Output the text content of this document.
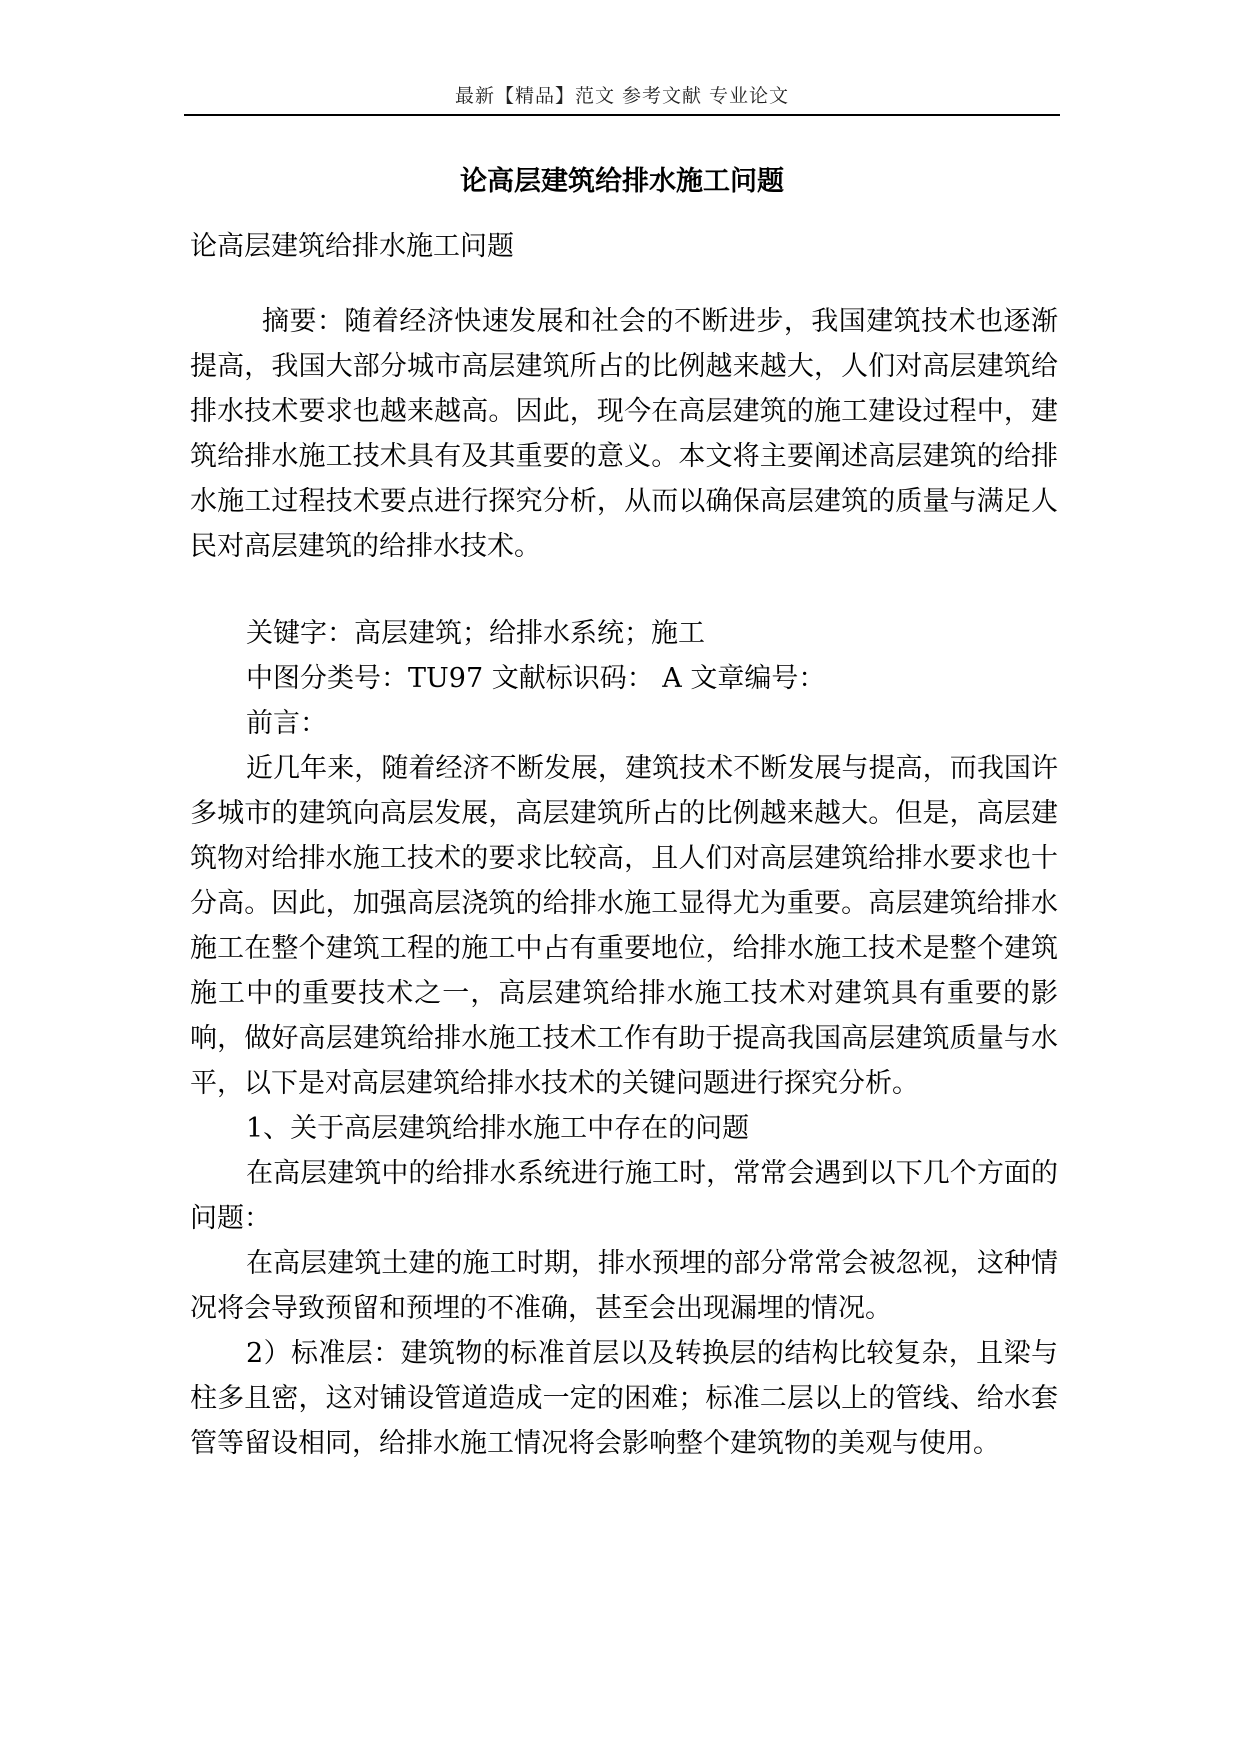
最新【精品】范文 参考文献 专业论文
论高层建筑给排水施工问题

论高层建筑给排水施工问题

摘要：随着经济快速发展和社会的不断进步，我国建筑技术也逐渐提高，我国大部分城市高层建筑所占的比例越来越大，人们对高层建筑给排水技术要求也越来越高。因此，现今在高层建筑的施工建设过程中，建筑给排水施工技术具有及其重要的意义。本文将主要阐述高层建筑的给排水施工过程技术要点进行探究分析，从而以确保高层建筑的质量与满足人民对高层建筑的给排水技术。

关键字：高层建筑；给排水系统；施工

中图分类号：TU97 文献标识码： A 文章编号：

前言：

近几年来，随着经济不断发展，建筑技术不断发展与提高，而我国许多城市的建筑向高层发展，高层建筑所占的比例越来越大。但是，高层建筑物对给排水施工技术的要求比较高，且人们对高层建筑给排水要求也十分高。因此，加强高层浇筑的给排水施工显得尤为重要。高层建筑给排水施工在整个建筑工程的施工中占有重要地位，给排水施工技术是整个建筑施工中的重要技术之一，高层建筑给排水施工技术对建筑具有重要的影响，做好高层建筑给排水施工技术工作有助于提高我国高层建筑质量与水平，以下是对高层建筑给排水技术的关键问题进行探究分析。

1、关于高层建筑给排水施工中存在的问题

在高层建筑中的给排水系统进行施工时，常常会遇到以下几个方面的问题：

在高层建筑土建的施工时期，排水预埋的部分常常会被忽视，这种情况将会导致预留和预埋的不准确，甚至会出现漏埋的情况。

2）标准层：建筑物的标准首层以及转换层的结构比较复杂，且梁与柱多且密，这对铺设管道造成一定的困难；标准二层以上的管线、给水套管等留设相同，给排水施工情况将会影响整个建筑物的美观与使用。
